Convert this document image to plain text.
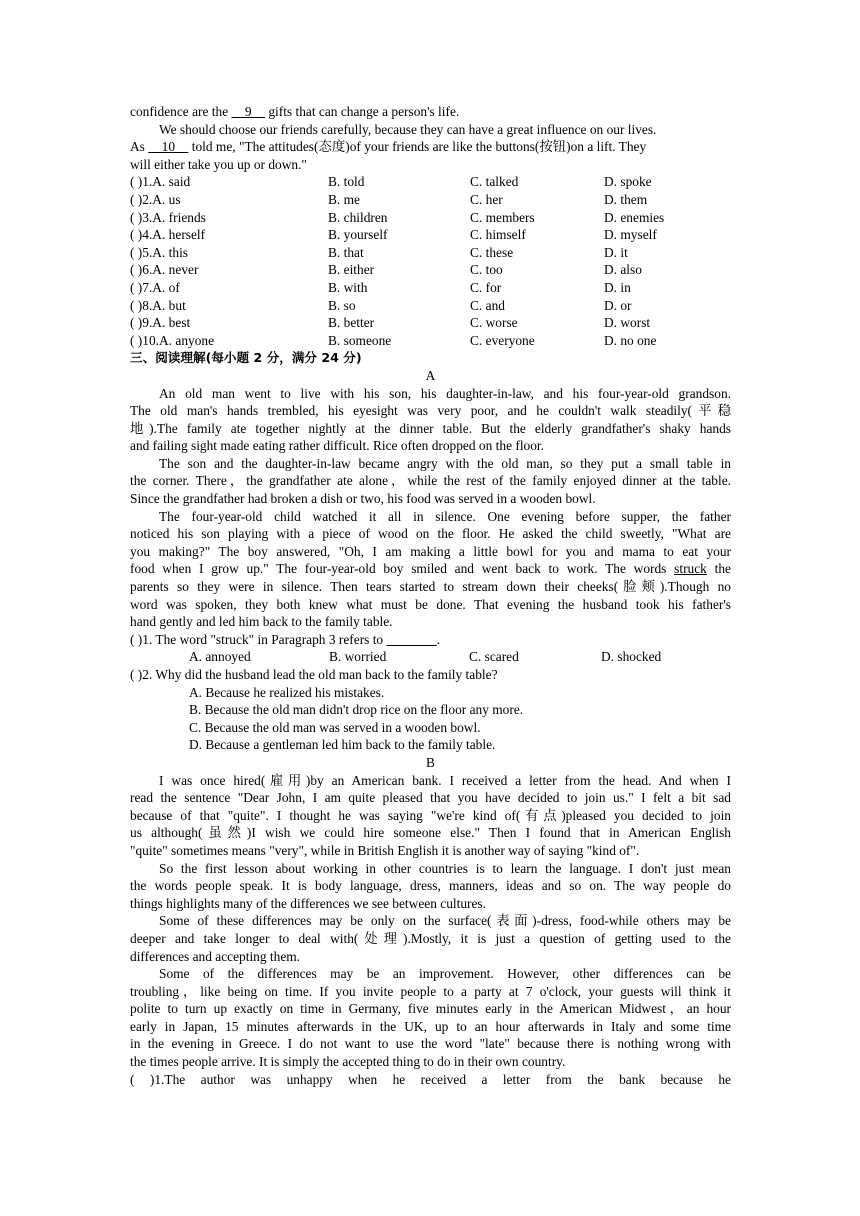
confidence are the     9     gifts that can change a person's life.
We should choose our friends carefully, because they can have a great influence on our lives.
As     10     told me, "The attitudes(态度)of your friends are like the buttons(按钮)on a lift. They
will either take you up or down."
( )1.A. said	B. told	C. talked	D. spoke
( )2.A. us	B. me	C. her	D. them
( )3.A. friends	B. children	C. members	D. enemies
( )4.A. herself	B. yourself	C. himself	D. myself
( )5.A. this	B. that	C. these	D. it
( )6.A. never	B. either	C. too	D. also
( )7.A. of	B. with	C. for	D. in
( )8.A. but	B. so	C. and	D. or
( )9.A. best	B. better	C. worse	D. worst
( )10.A. anyone	B. someone	C. everyone	D. no one
三、阅读理解(每小题 2 分，满分 24 分)
A
An old man went to live with his son, his daughter-in-law, and his four-year-old grandson.
The old man's hands trembled, his eyesight was very poor, and he couldn't walk steadily(平稳
地).The family ate together nightly at the dinner table. But the elderly grandfather's shaky hands
and failing sight made eating rather difficult. Rice often dropped on the floor.
The son and the daughter-in-law became angry with the old man, so they put a small table in
the corner. There，the grandfather ate alone，while the rest of the family enjoyed dinner at the table.
Since the grandfather had broken a dish or two, his food was served in a wooden bowl.
The four-year-old child watched it all in silence. One evening before supper, the father
noticed his son playing with a piece of wood on the floor. He asked the child sweetly, "What are
you making?" The boy answered, "Oh, I am making a little bowl for you and mama to eat your
food when I grow up." The four-year-old boy smiled and went back to work. The words struck the
parents so they were in silence. Then tears started to stream down their cheeks(脸颊).Though no
word was spoken, they both knew what must be done. That evening the husband took his father's
hand gently and led him back to the family table.
( )1. The word "struck" in Paragraph 3 refers to	.
A. annoyed	B. worried	C. scared	D. shocked
( )2. Why did the husband lead the old man back to the family table?
A. Because he realized his mistakes.
B. Because the old man didn't drop rice on the floor any more.
C. Because the old man was served in a wooden bowl.
D. Because a gentleman led him back to the family table.
B
I was once hired(雇用)by an American bank. I received a letter from the head. And when I
read the sentence "Dear John, I am quite pleased that you have decided to join us." I felt a bit sad
because of that "quite". I thought he was saying "we're kind of(有点)pleased you decided to join
us although(虽然)I wish we could hire someone else." Then I found that in American English
"quite" sometimes means "very", while in British English it is another way of saying "kind of".
So the first lesson about working in other countries is to learn the language. I don't just mean
the words people speak. It is body language, dress, manners, ideas and so on. The way people do
things highlights many of the differences we see between cultures.
Some of these differences may be only on the surface(表面)-dress, food-while others may be
deeper and take longer to deal with(处理).Mostly, it is just a question of getting used to the
differences and accepting them.
Some of the differences may be an improvement. However, other differences can be
troubling，like being on time. If you invite people to a party at 7 o'clock, your guests will think it
polite to turn up exactly on time in Germany, five minutes early in the American Midwest，an hour
early in Japan, 15 minutes afterwards in the UK, up to an hour afterwards in Italy and some time
in the evening in Greece. I do not want to use the word "late" because there is nothing wrong with
the times people arrive. It is simply the accepted thing to do in their own country.
( )1.The author was unhappy when he received a letter from the bank because he
